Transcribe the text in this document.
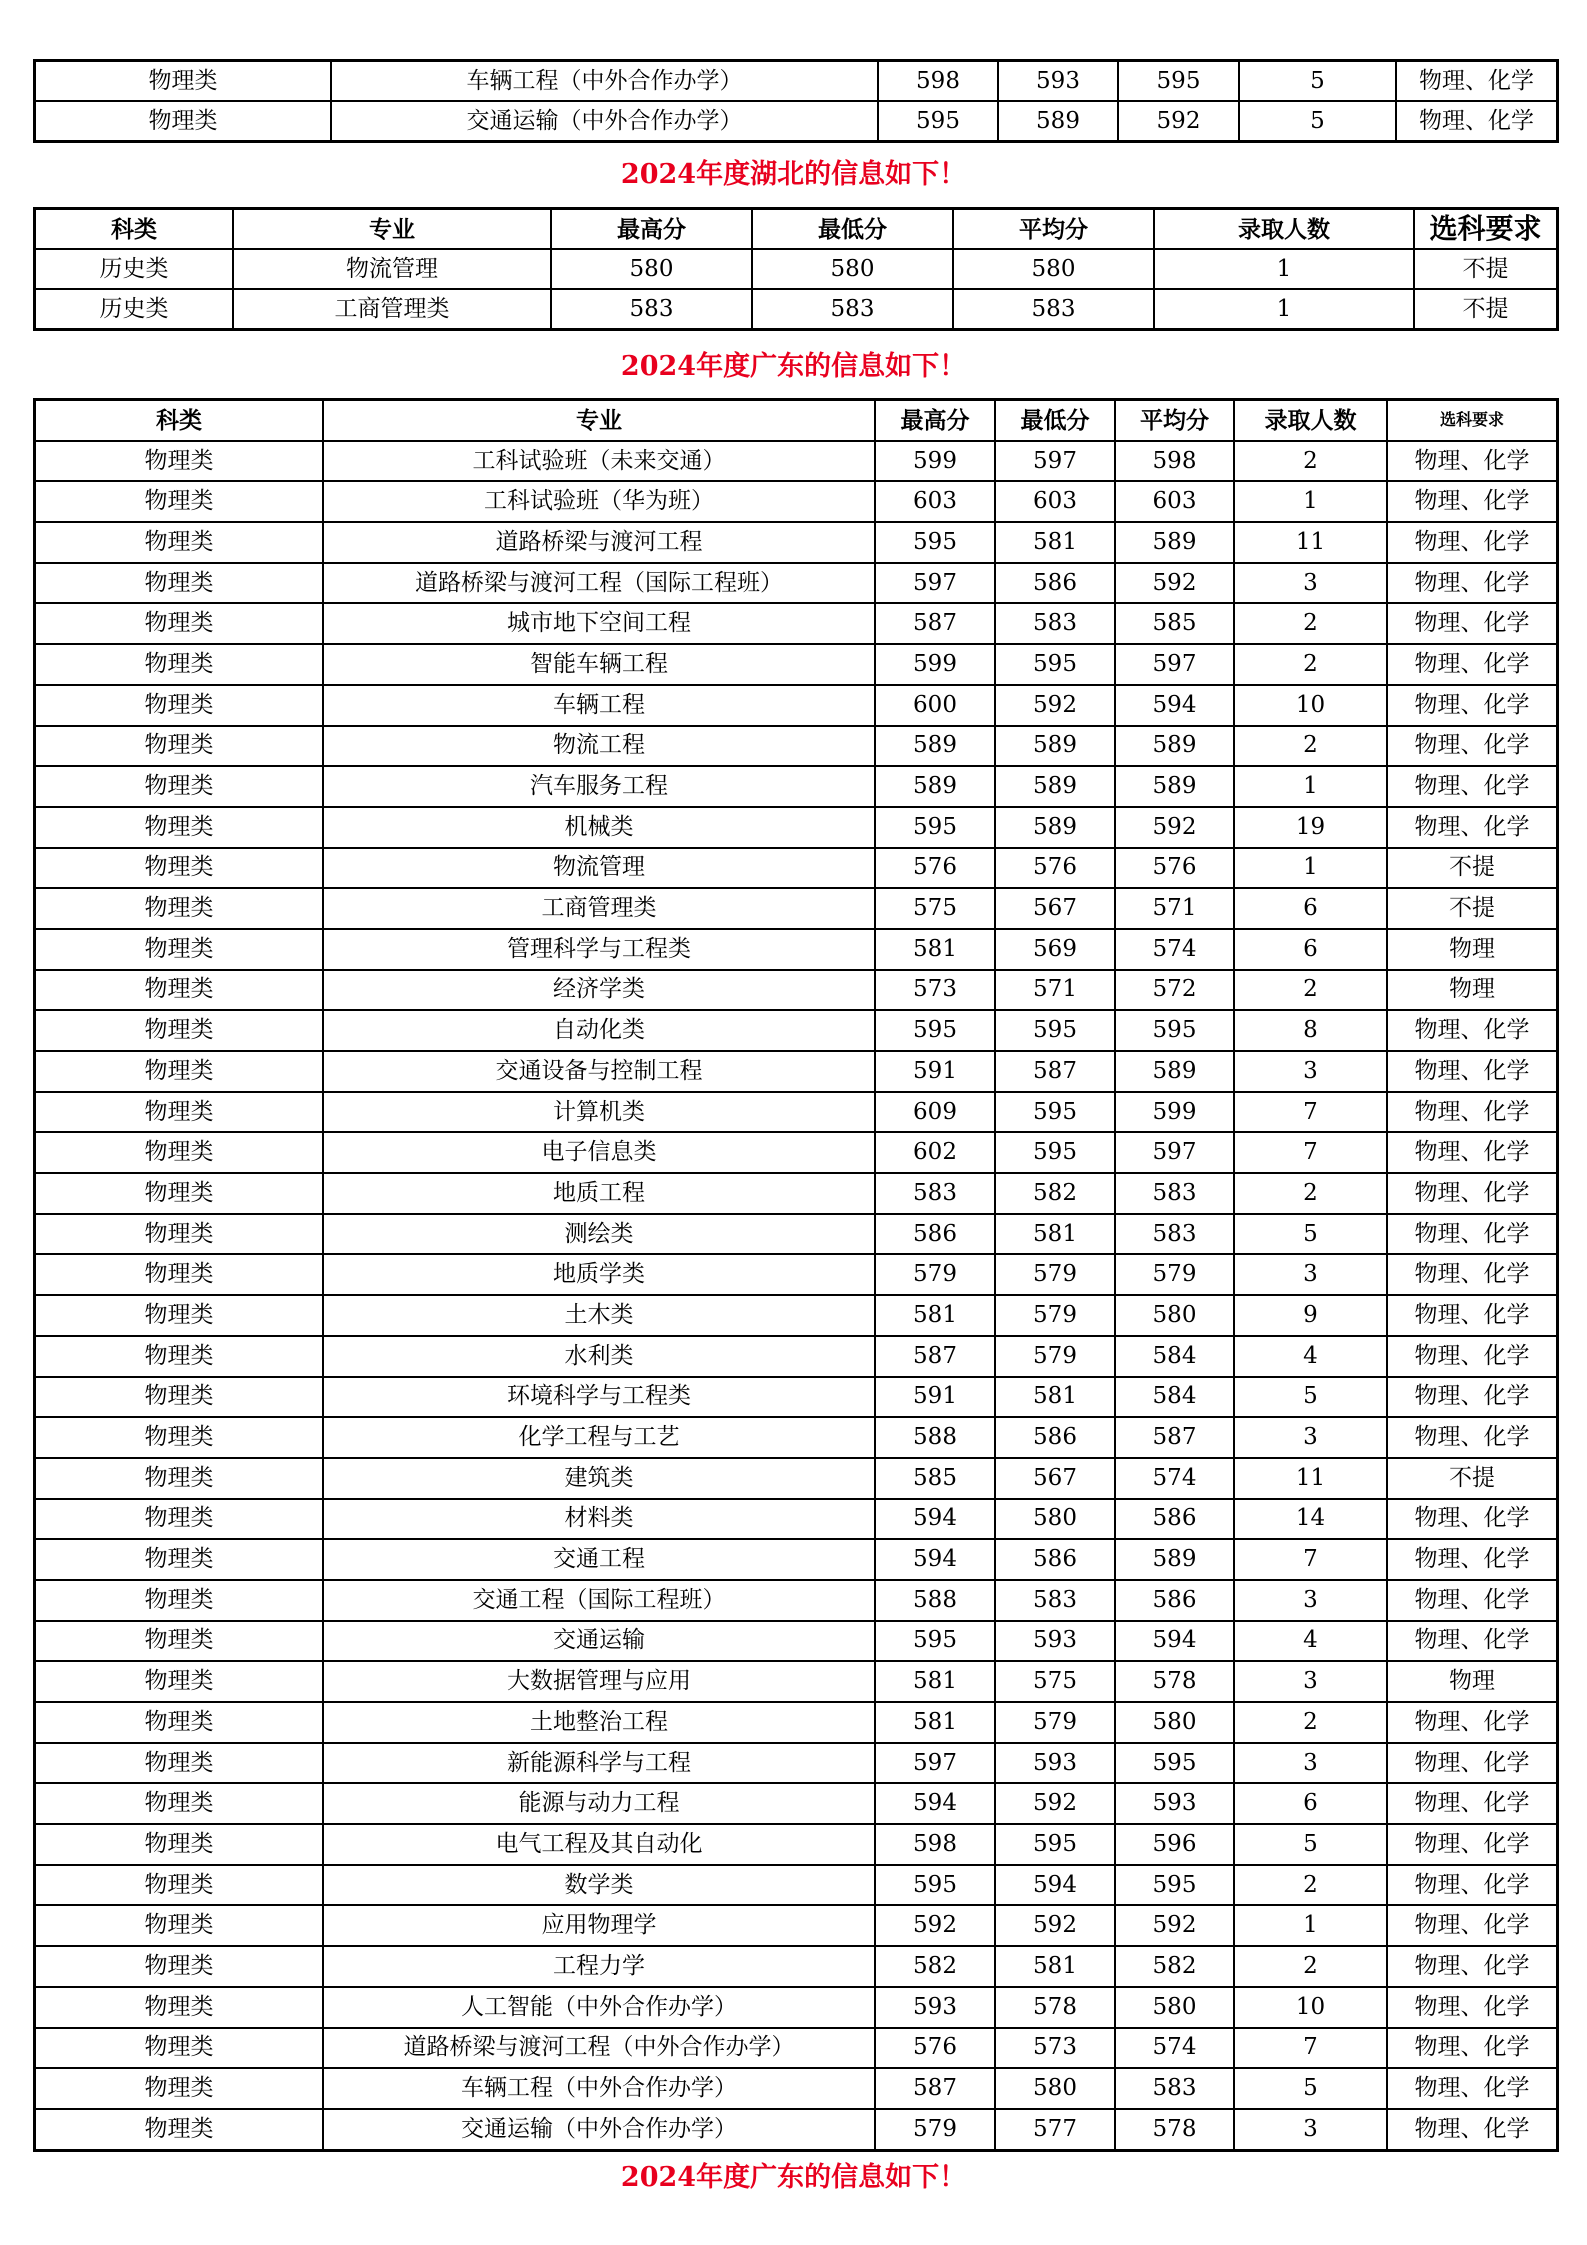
物理类	车辆工程（中外合作办学）	598	593	595	5	物理、化学
物理类	交通运输（中外合作办学）	595	589	592	5	物理、化学
2024年度湖北的信息如下！
科类	专业	最高分	最低分	平均分	录取人数	选科要求
历史类	物流管理	580	580	580	1	不提
历史类	工商管理类	583	583	583	1	不提
2024年度广东的信息如下！
科类	专业	最高分	最低分	平均分	录取人数	选科要求
物理类	工科试验班（未来交通）	599	597	598	2	物理、化学
物理类	工科试验班（华为班）	603	603	603	1	物理、化学
物理类	道路桥梁与渡河工程	595	581	589	11	物理、化学
物理类	道路桥梁与渡河工程（国际工程班）	597	586	592	3	物理、化学
物理类	城市地下空间工程	587	583	585	2	物理、化学
物理类	智能车辆工程	599	595	597	2	物理、化学
物理类	车辆工程	600	592	594	10	物理、化学
物理类	物流工程	589	589	589	2	物理、化学
物理类	汽车服务工程	589	589	589	1	物理、化学
物理类	机械类	595	589	592	19	物理、化学
物理类	物流管理	576	576	576	1	不提
物理类	工商管理类	575	567	571	6	不提
物理类	管理科学与工程类	581	569	574	6	物理
物理类	经济学类	573	571	572	2	物理
物理类	自动化类	595	595	595	8	物理、化学
物理类	交通设备与控制工程	591	587	589	3	物理、化学
物理类	计算机类	609	595	599	7	物理、化学
物理类	电子信息类	602	595	597	7	物理、化学
物理类	地质工程	583	582	583	2	物理、化学
物理类	测绘类	586	581	583	5	物理、化学
物理类	地质学类	579	579	579	3	物理、化学
物理类	土木类	581	579	580	9	物理、化学
物理类	水利类	587	579	584	4	物理、化学
物理类	环境科学与工程类	591	581	584	5	物理、化学
物理类	化学工程与工艺	588	586	587	3	物理、化学
物理类	建筑类	585	567	574	11	不提
物理类	材料类	594	580	586	14	物理、化学
物理类	交通工程	594	586	589	7	物理、化学
物理类	交通工程（国际工程班）	588	583	586	3	物理、化学
物理类	交通运输	595	593	594	4	物理、化学
物理类	大数据管理与应用	581	575	578	3	物理
物理类	土地整治工程	581	579	580	2	物理、化学
物理类	新能源科学与工程	597	593	595	3	物理、化学
物理类	能源与动力工程	594	592	593	6	物理、化学
物理类	电气工程及其自动化	598	595	596	5	物理、化学
物理类	数学类	595	594	595	2	物理、化学
物理类	应用物理学	592	592	592	1	物理、化学
物理类	工程力学	582	581	582	2	物理、化学
物理类	人工智能（中外合作办学）	593	578	580	10	物理、化学
物理类	道路桥梁与渡河工程（中外合作办学）	576	573	574	7	物理、化学
物理类	车辆工程（中外合作办学）	587	580	583	5	物理、化学
物理类	交通运输（中外合作办学）	579	577	578	3	物理、化学
2024年度广东的信息如下！
